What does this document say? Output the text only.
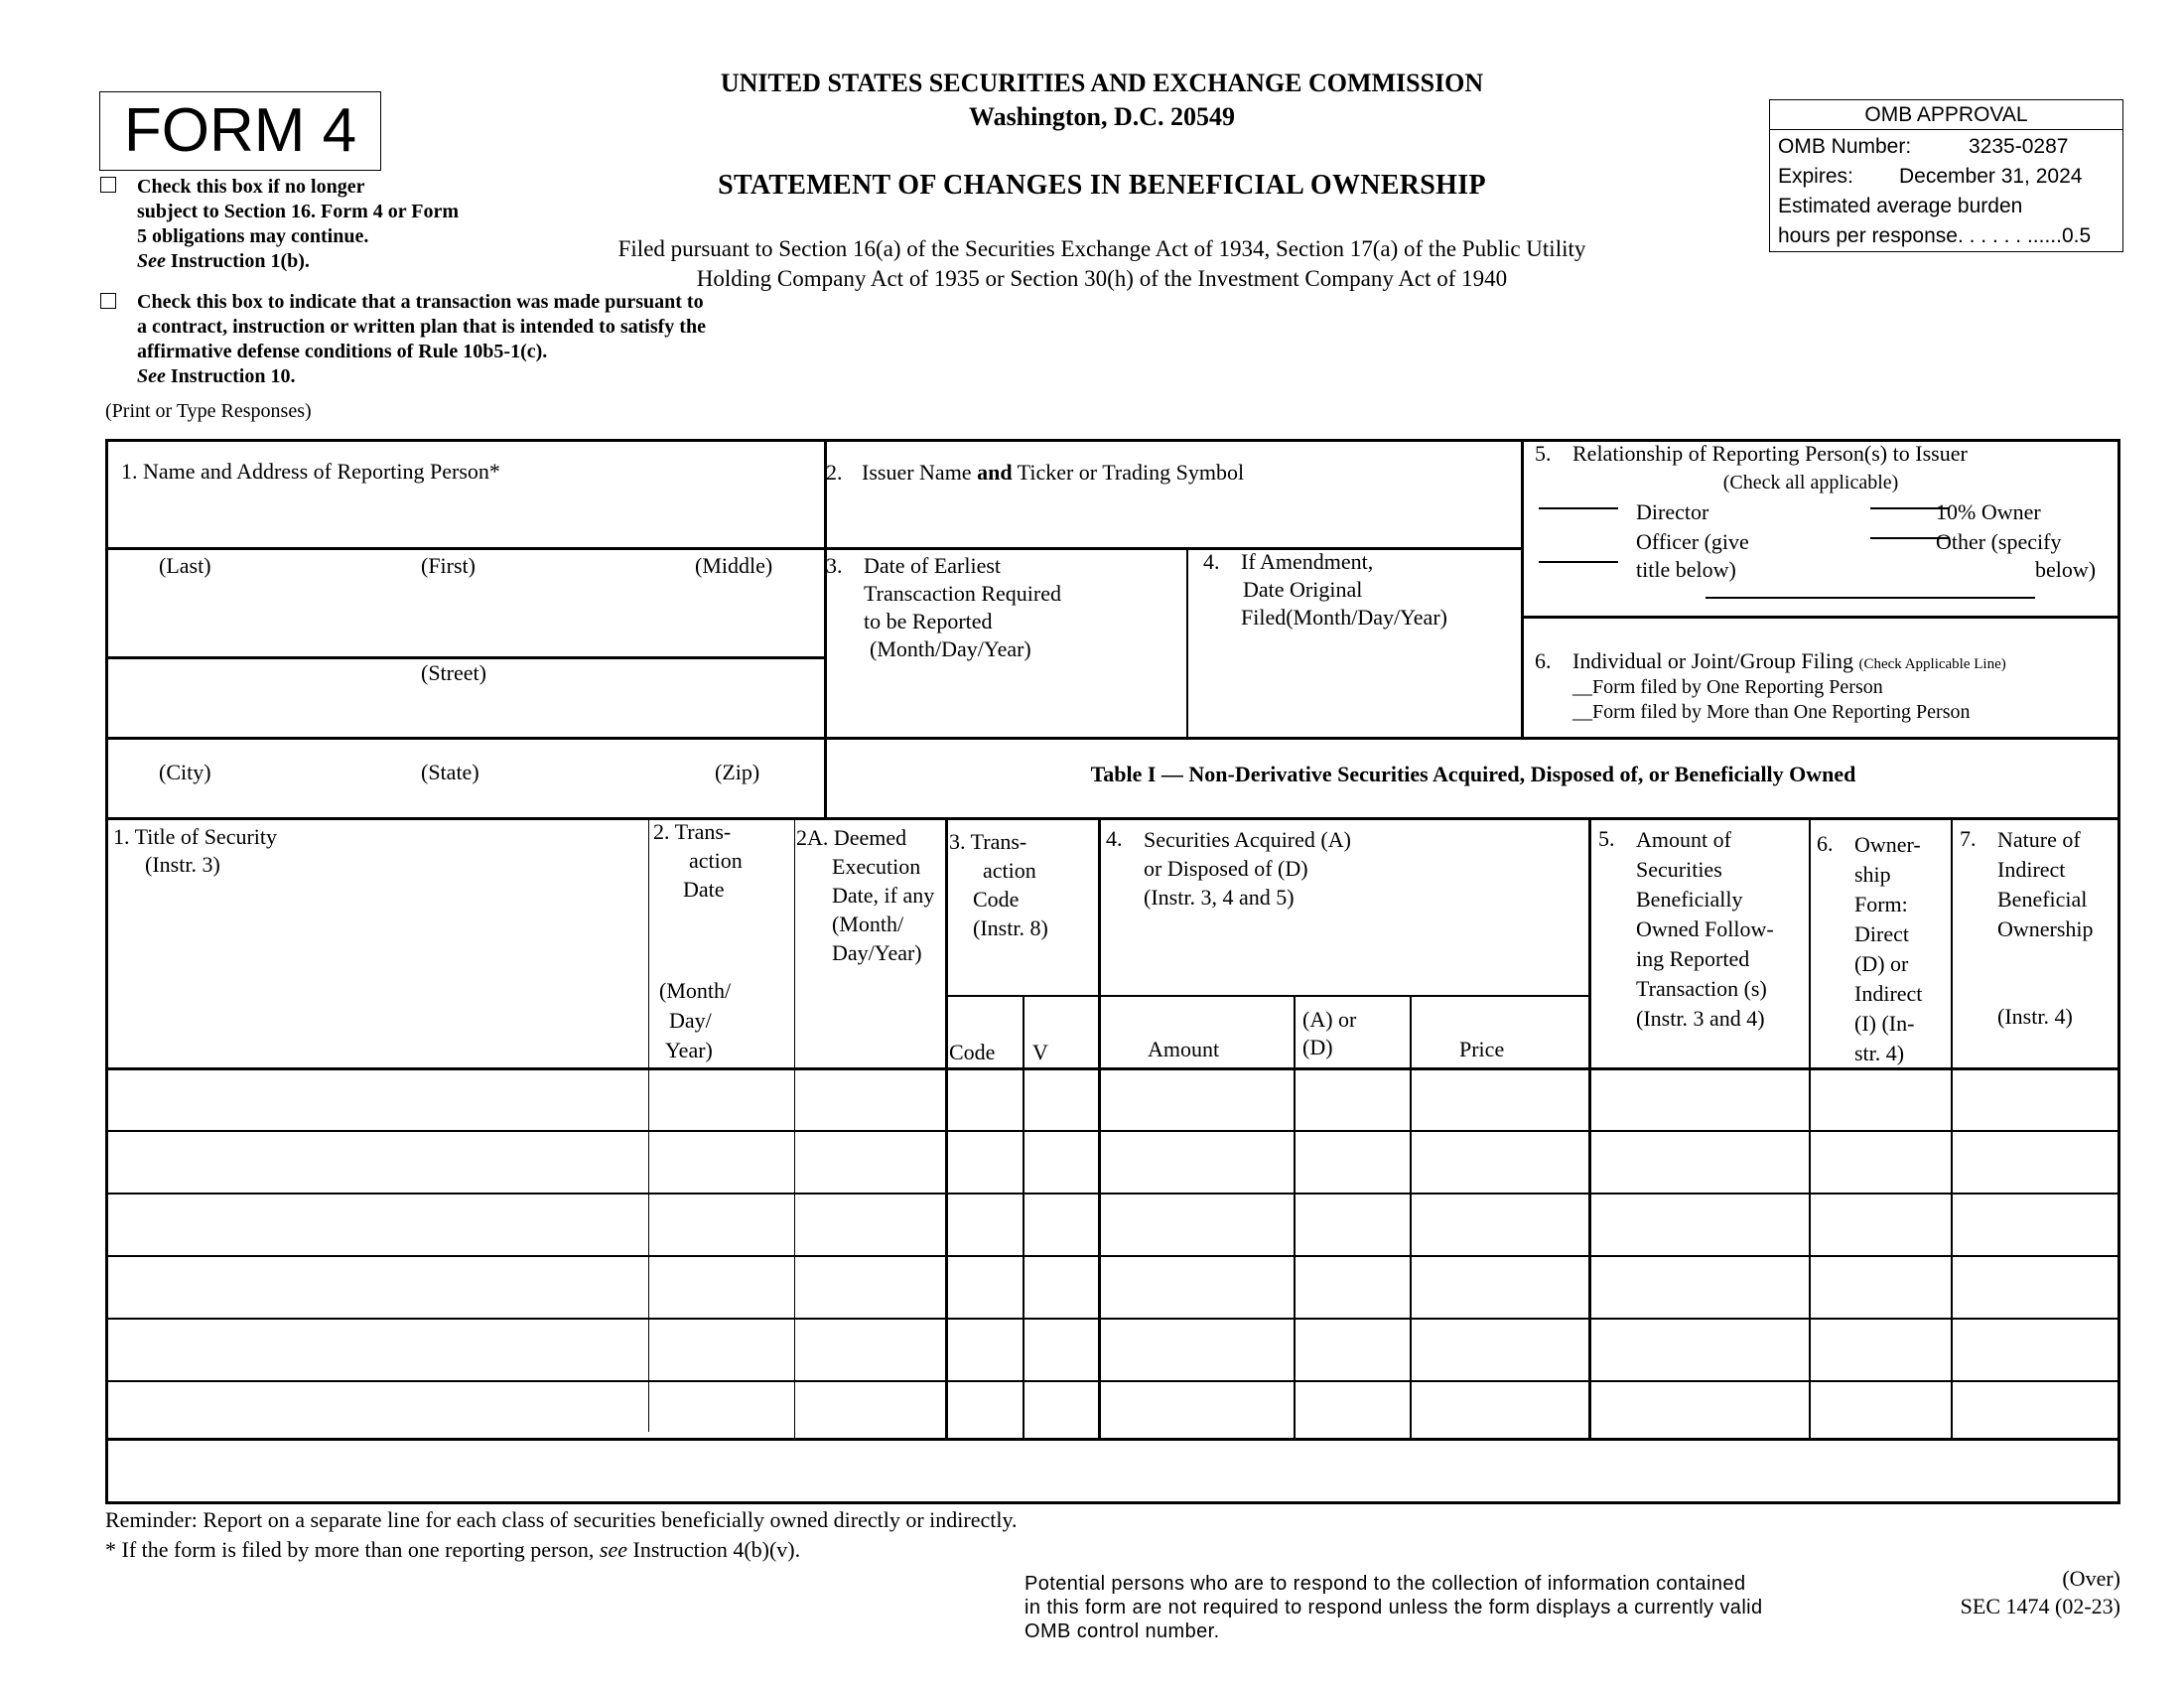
FORM 4
UNITED STATES SECURITIES AND EXCHANGE COMMISSION
Washington, D.C. 20549
STATEMENT OF CHANGES IN BENEFICIAL OWNERSHIP
Filed pursuant to Section 16(a) of the Securities Exchange Act of 1934, Section 17(a) of the Public Utility
Holding Company Act of 1935 or Section 30(h) of the Investment Company Act of 1940
OMB APPROVAL
OMB Number:	3235-0287
Expires: December 31, 2024
Estimated average burden
hours per response. . . . . . ......0.5
Check this box if no longer
subject to Section 16. Form 4 or Form
5 obligations may continue.
See Instruction 1(b).
Check this box to indicate that a transaction was made pursuant to
a contract, instruction or written plan that is intended to satisfy the
affirmative defense conditions of Rule 10b5-1(c).
See Instruction 10.
(Print or Type Responses)
1. Name and Address of Reporting Person*
(Last)	(First)	(Middle)
(Street)
(City)	(State)	(Zip)
2. Issuer Name and Ticker or Trading Symbol
3. Date of Earliest
Transcaction Required
to be Reported
(Month/Day/Year)
4. If Amendment,
Date Original
Filed(Month/Day/Year)
5. Relationship of Reporting Person(s) to Issuer
(Check all applicable)
Director	10% Owner
Officer (give
title below)
Other (specify
below)
6. Individual or Joint/Group Filing (Check Applicable Line)
__Form filed by One Reporting Person
__Form filed by More than One Reporting Person
Table I — Non-Derivative Securities Acquired, Disposed of, or Beneficially Owned
1. Title of Security
(Instr. 3)
2. Trans-
action
Date
(Month/
Day/
Year)
2A. Deemed
Execution
Date, if any
(Month/
Day/Year)
3. Trans-
action
Code
(Instr. 8)
Code V
4. Securities Acquired (A)
or Disposed of (D)
(Instr. 3, 4 and 5)
Amount
(A) or
(D)	Price
5. Amount of
Securities
Beneficially
Owned Follow-
ing Reported
Transaction (s)
(Instr. 3 and 4)
6. Owner-
ship
Form:
Direct
(D) or
Indirect
(I) (In-
str. 4)
7. Nature of
Indirect
Beneficial
Ownership
(Instr. 4)
Reminder: Report on a separate line for each class of securities beneficially owned directly or indirectly.
* If the form is filed by more than one reporting person, see Instruction 4(b)(v).
Potential persons who are to respond to the collection of information contained
in this form are not required to respond unless the form displays a currently valid
OMB control number.
(Over)
SEC 1474 (02-23)
